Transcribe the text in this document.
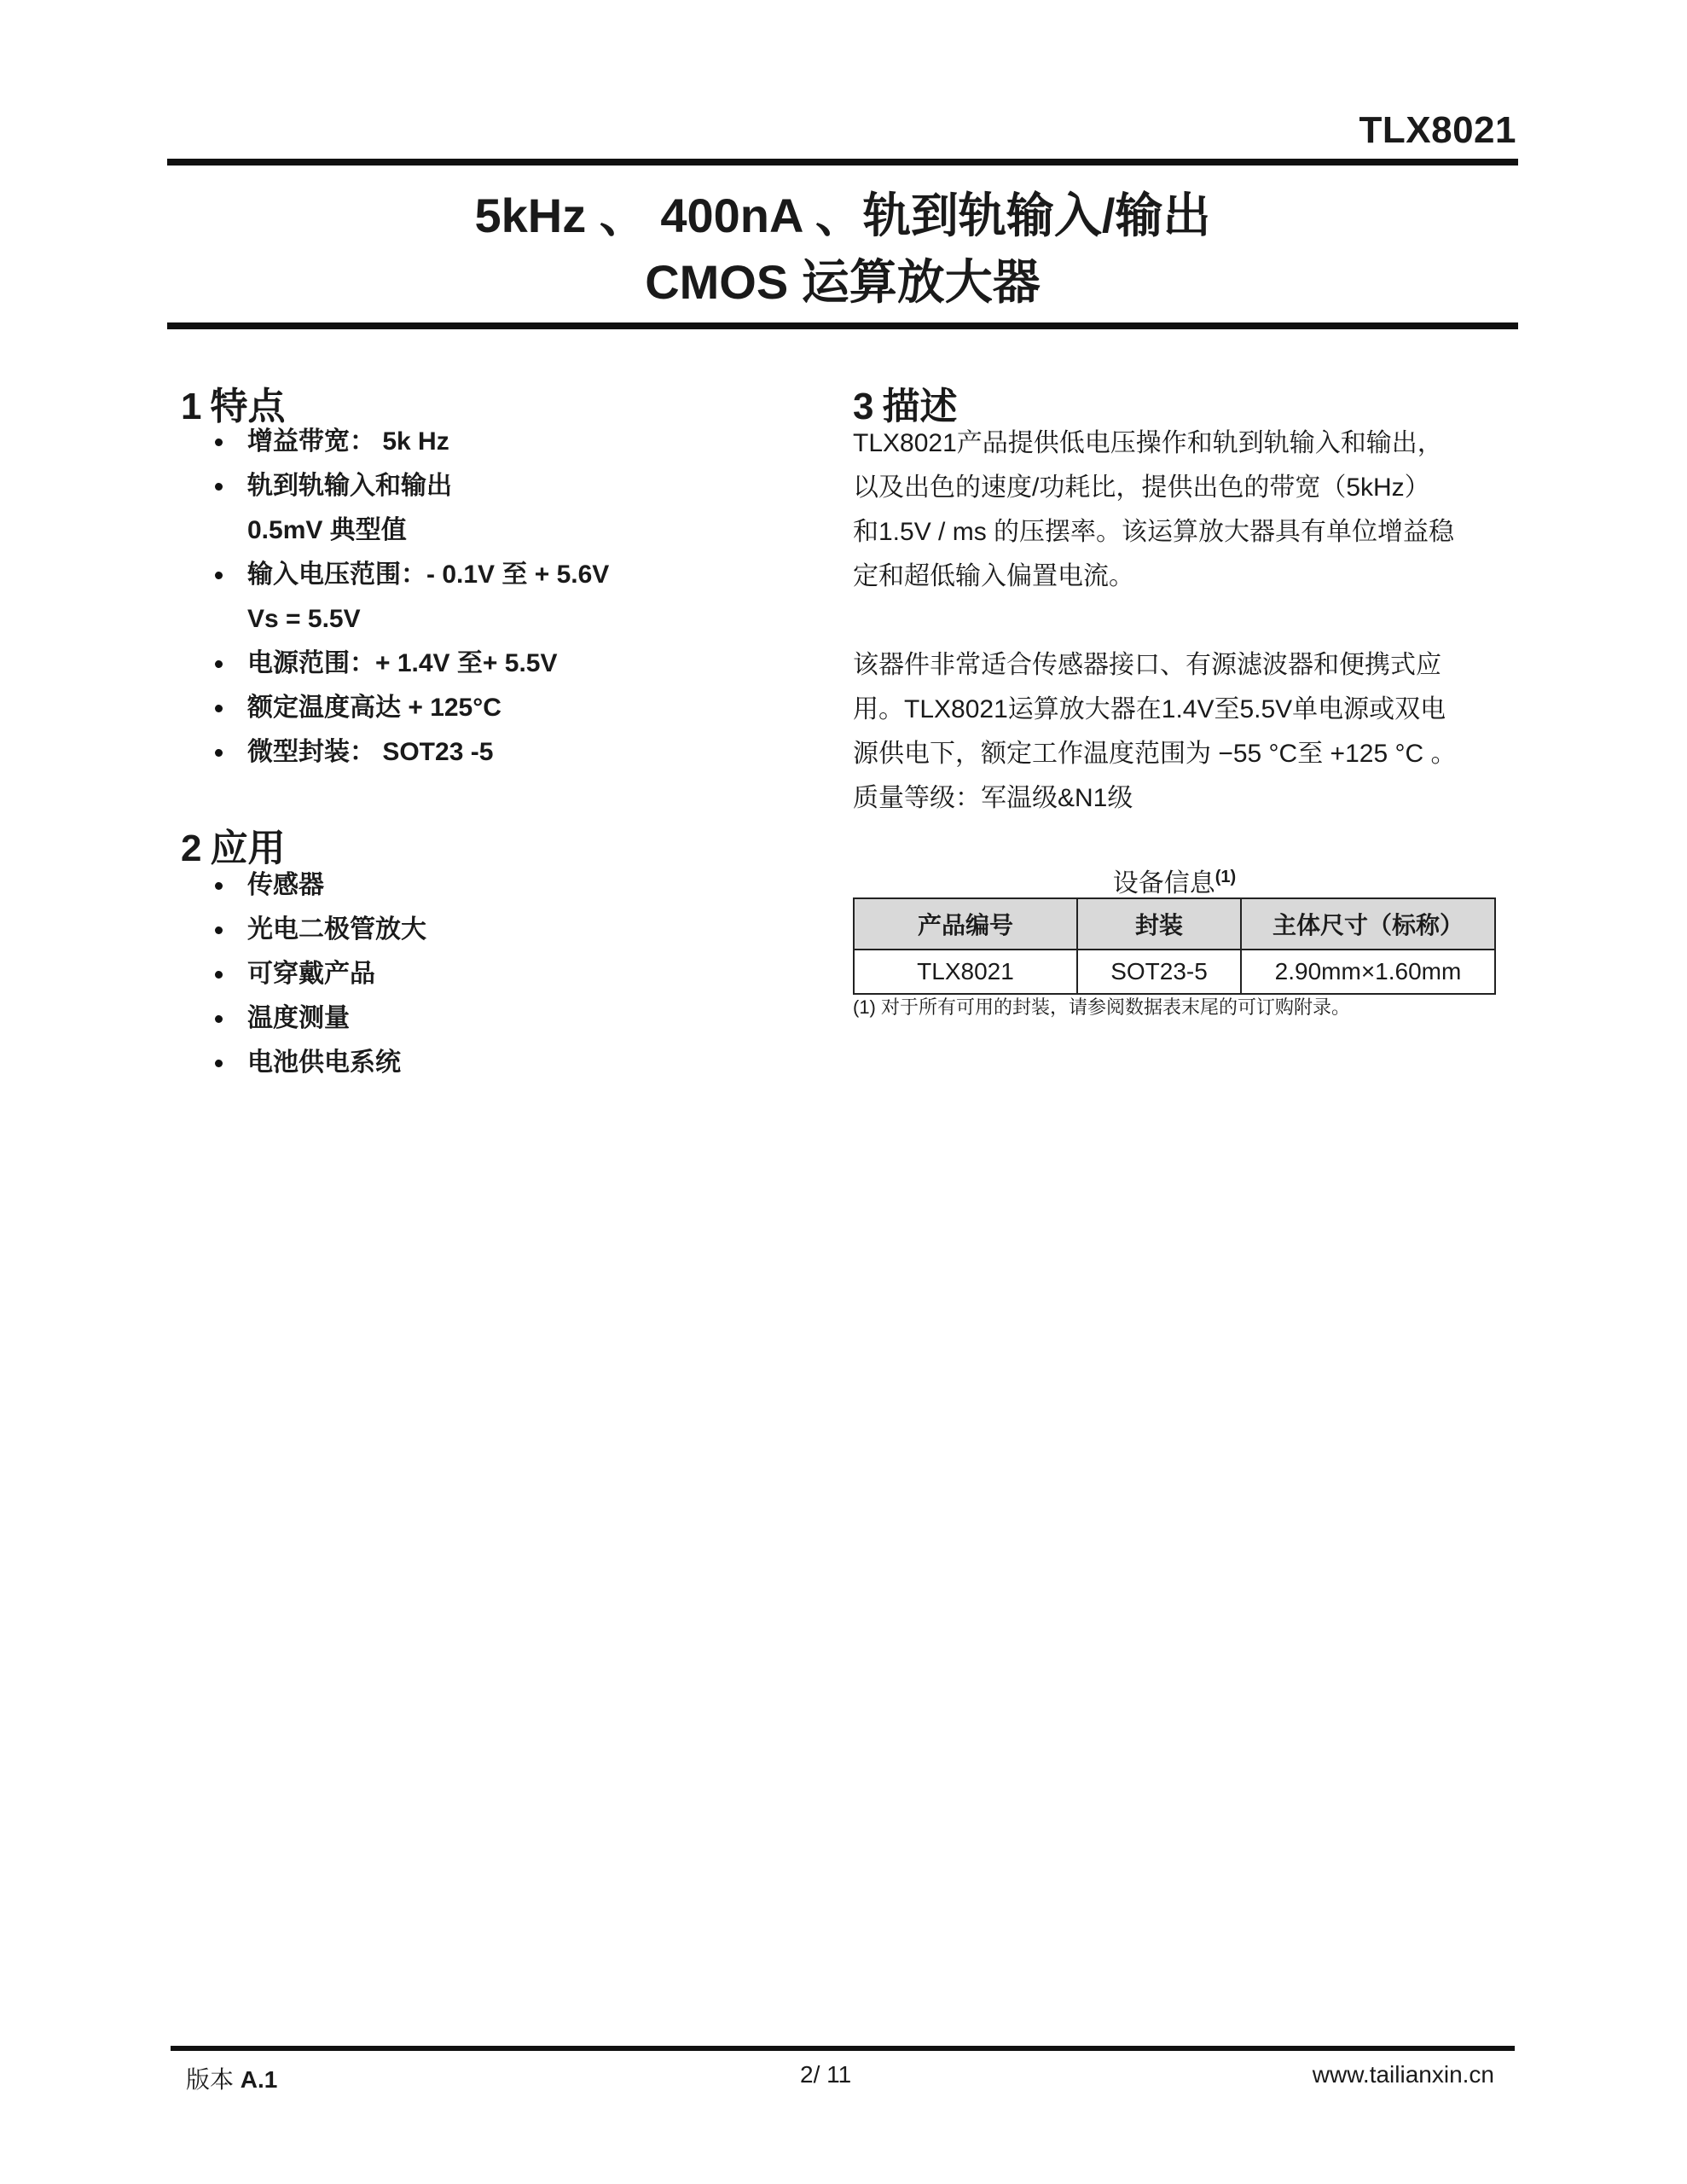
TLX8021
5kHz 、 400nA 、轨到轨输入/输出
CMOS 运算放大器
1 特点
增益带宽： 5k Hz
轨到轨输入和输出
0.5mV 典型值
输入电压范围：- 0.1V 至 + 5.6V
Vs = 5.5V
电源范围：+ 1.4V 至+ 5.5V
额定温度高达 + 125°C
微型封装： SOT23 -5
2 应用
传感器
光电二极管放大
可穿戴产品
温度测量
电池供电系统
3 描述

TLX8021产品提供低电压操作和轨到轨输入和输出，
以及出色的速度/功耗比，提供出色的带宽（5kHz）
和1.5V / ms 的压摆率。该运算放大器具有单位增益稳
定和超低输入偏置电流。

该器件非常适合传感器接口、有源滤波器和便携式应
用。TLX8021运算放大器在1.4V至5.5V单电源或双电
源供电下，额定工作温度范围为 −55 °C至 +125 °C 。
质量等级：军温级&N1级

设备信息$^{(1)}$
产品编号	封装	主体尺寸（标称）
TLX8021	SOT23-5	2.90mm×1.60mm
(1) 对于所有可用的封装，请参阅数据表末尾的可订购附录。
版本 A.1	2/ 11	www.tailianxin.cn
